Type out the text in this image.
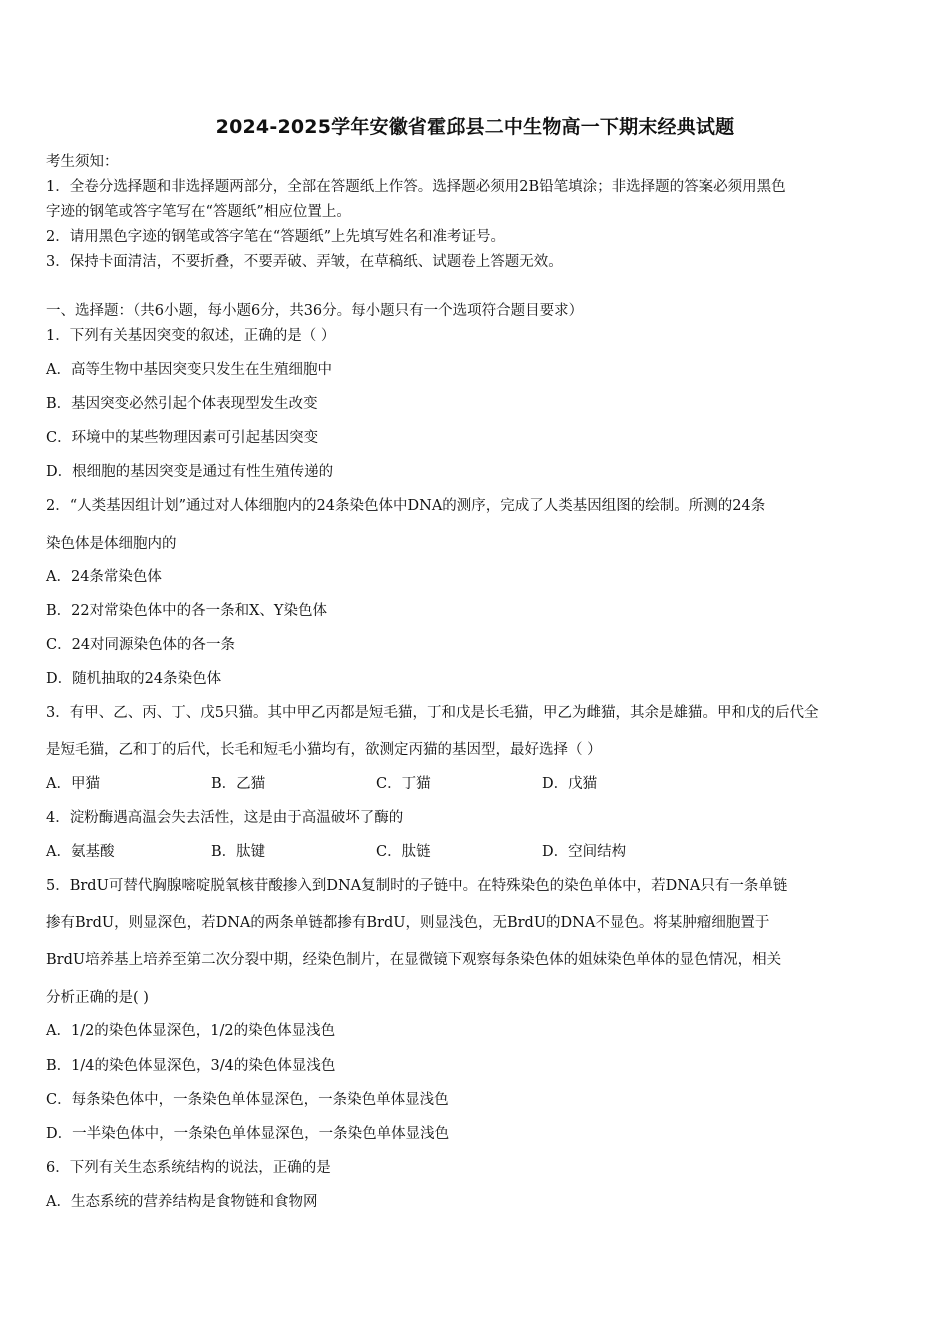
2024-2025学年安徽省霍邱县二中生物高一下期末经典试题
考生须知：
1．全卷分选择题和非选择题两部分，全部在答题纸上作答。选择题必须用2B铅笔填涂；非选择题的答案必须用黑色
字迹的钢笔或答字笔写在“答题纸”相应位置上。
2．请用黑色字迹的钢笔或答字笔在“答题纸”上先填写姓名和准考证号。
3．保持卡面清洁，不要折叠，不要弄破、弄皱，在草稿纸、试题卷上答题无效。
一、选择题：（共6小题，每小题6分，共36分。每小题只有一个选项符合题目要求）
1．下列有关基因突变的叙述，正确的是（ ）
A．高等生物中基因突变只发生在生殖细胞中
B．基因突变必然引起个体表现型发生改变
C．环境中的某些物理因素可引起基因突变
D．根细胞的基因突变是通过有性生殖传递的
2．“人类基因组计划”通过对人体细胞内的24条染色体中DNA的测序，完成了人类基因组图的绘制。所测的24条
染色体是体细胞内的
A．24条常染色体
B．22对常染色体中的各一条和X、Y染色体
C．24对同源染色体的各一条
D．随机抽取的24条染色体
3．有甲、乙、丙、丁、戊5只猫。其中甲乙丙都是短毛猫，丁和戊是长毛猫，甲乙为雌猫，其余是雄猫。甲和戊的后代全
是短毛猫，乙和丁的后代，长毛和短毛小猫均有，欲测定丙猫的基因型，最好选择（ ）
A．甲猫	B．乙猫	C．丁猫	D．戊猫
4．淀粉酶遇高温会失去活性，这是由于高温破坏了酶的
A．氨基酸	B．肽键	C．肽链	D．空间结构
5．BrdU可替代胸腺嘧啶脱氧核苷酸掺入到DNA复制时的子链中。在特殊染色的染色单体中，若DNA只有一条单链
掺有BrdU，则显深色，若DNA的两条单链都掺有BrdU，则显浅色，无BrdU的DNA不显色。将某肿瘤细胞置于
BrdU培养基上培养至第二次分裂中期，经染色制片，在显微镜下观察每条染色体的姐妹染色单体的显色情况，相关
分析正确的是( )
A．1/2的染色体显深色，1/2的染色体显浅色
B．1/4的染色体显深色，3/4的染色体显浅色
C．每条染色体中，一条染色单体显深色，一条染色单体显浅色
D．一半染色体中，一条染色单体显深色，一条染色单体显浅色
6．下列有关生态系统结构的说法，正确的是
A．生态系统的营养结构是食物链和食物网
